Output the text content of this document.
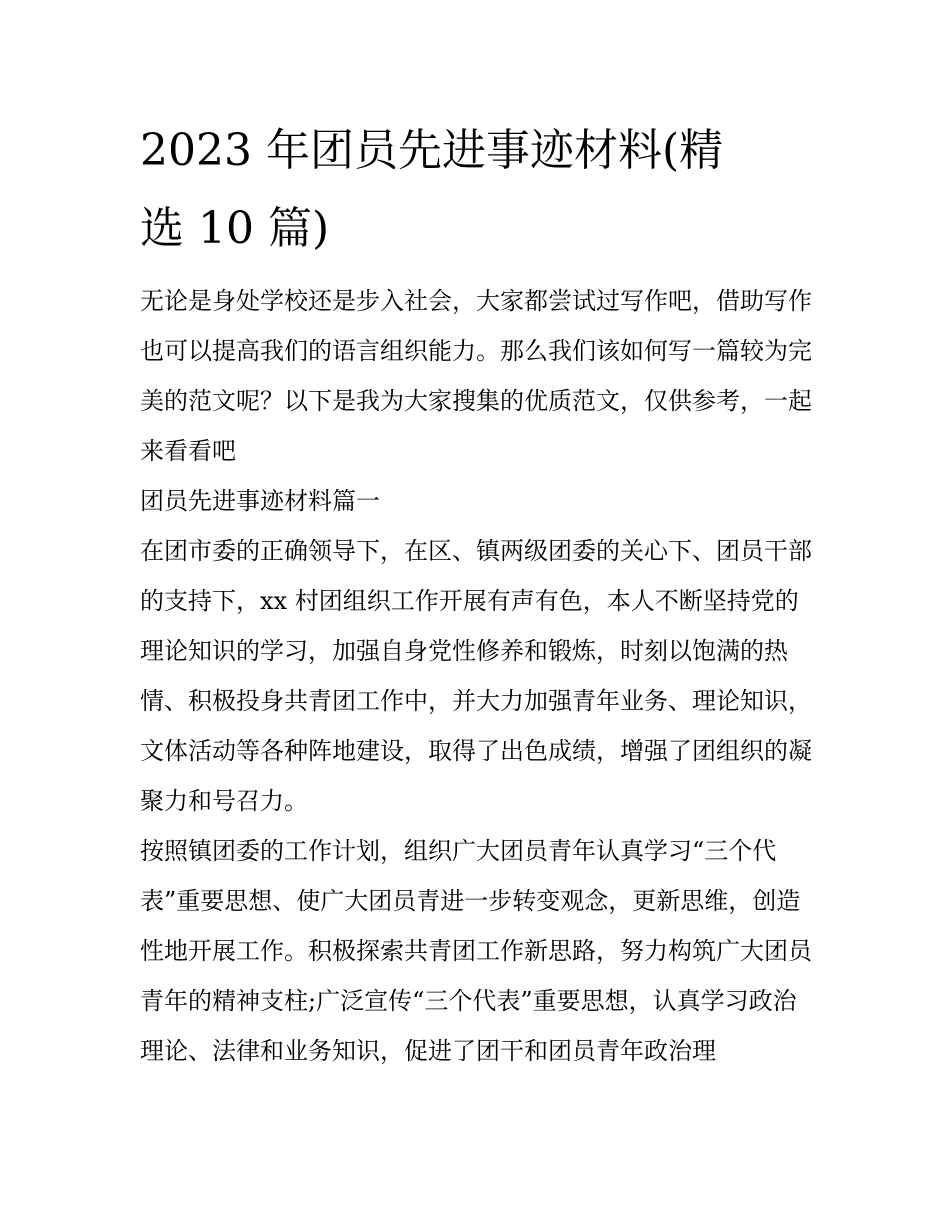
2023 年团员先进事迹材料(精
选 10 篇)

无论是身处学校还是步入社会，大家都尝试过写作吧，借助写作也可以提高我们的语言组织能力。那么我们该如何写一篇较为完美的范文呢？以下是我为大家搜集的优质范文，仅供参考，一起来看看吧

团员先进事迹材料篇一

在团市委的正确领导下，在区、镇两级团委的关心下、团员干部的支持下，xx 村团组织工作开展有声有色，本人不断坚持党的理论知识的学习，加强自身党性修养和锻炼，时刻以饱满的热情、积极投身共青团工作中，并大力加强青年业务、理论知识，文体活动等各种阵地建设，取得了出色成绩，增强了团组织的凝聚力和号召力。

按照镇团委的工作计划，组织广大团员青年认真学习“三个代表”重要思想、使广大团员青进一步转变观念，更新思维，创造性地开展工作。积极探索共青团工作新思路，努力构筑广大团员青年的精神支柱;广泛宣传“三个代表”重要思想，认真学习政治理论、法律和业务知识，促进了团干和团员青年政治理
